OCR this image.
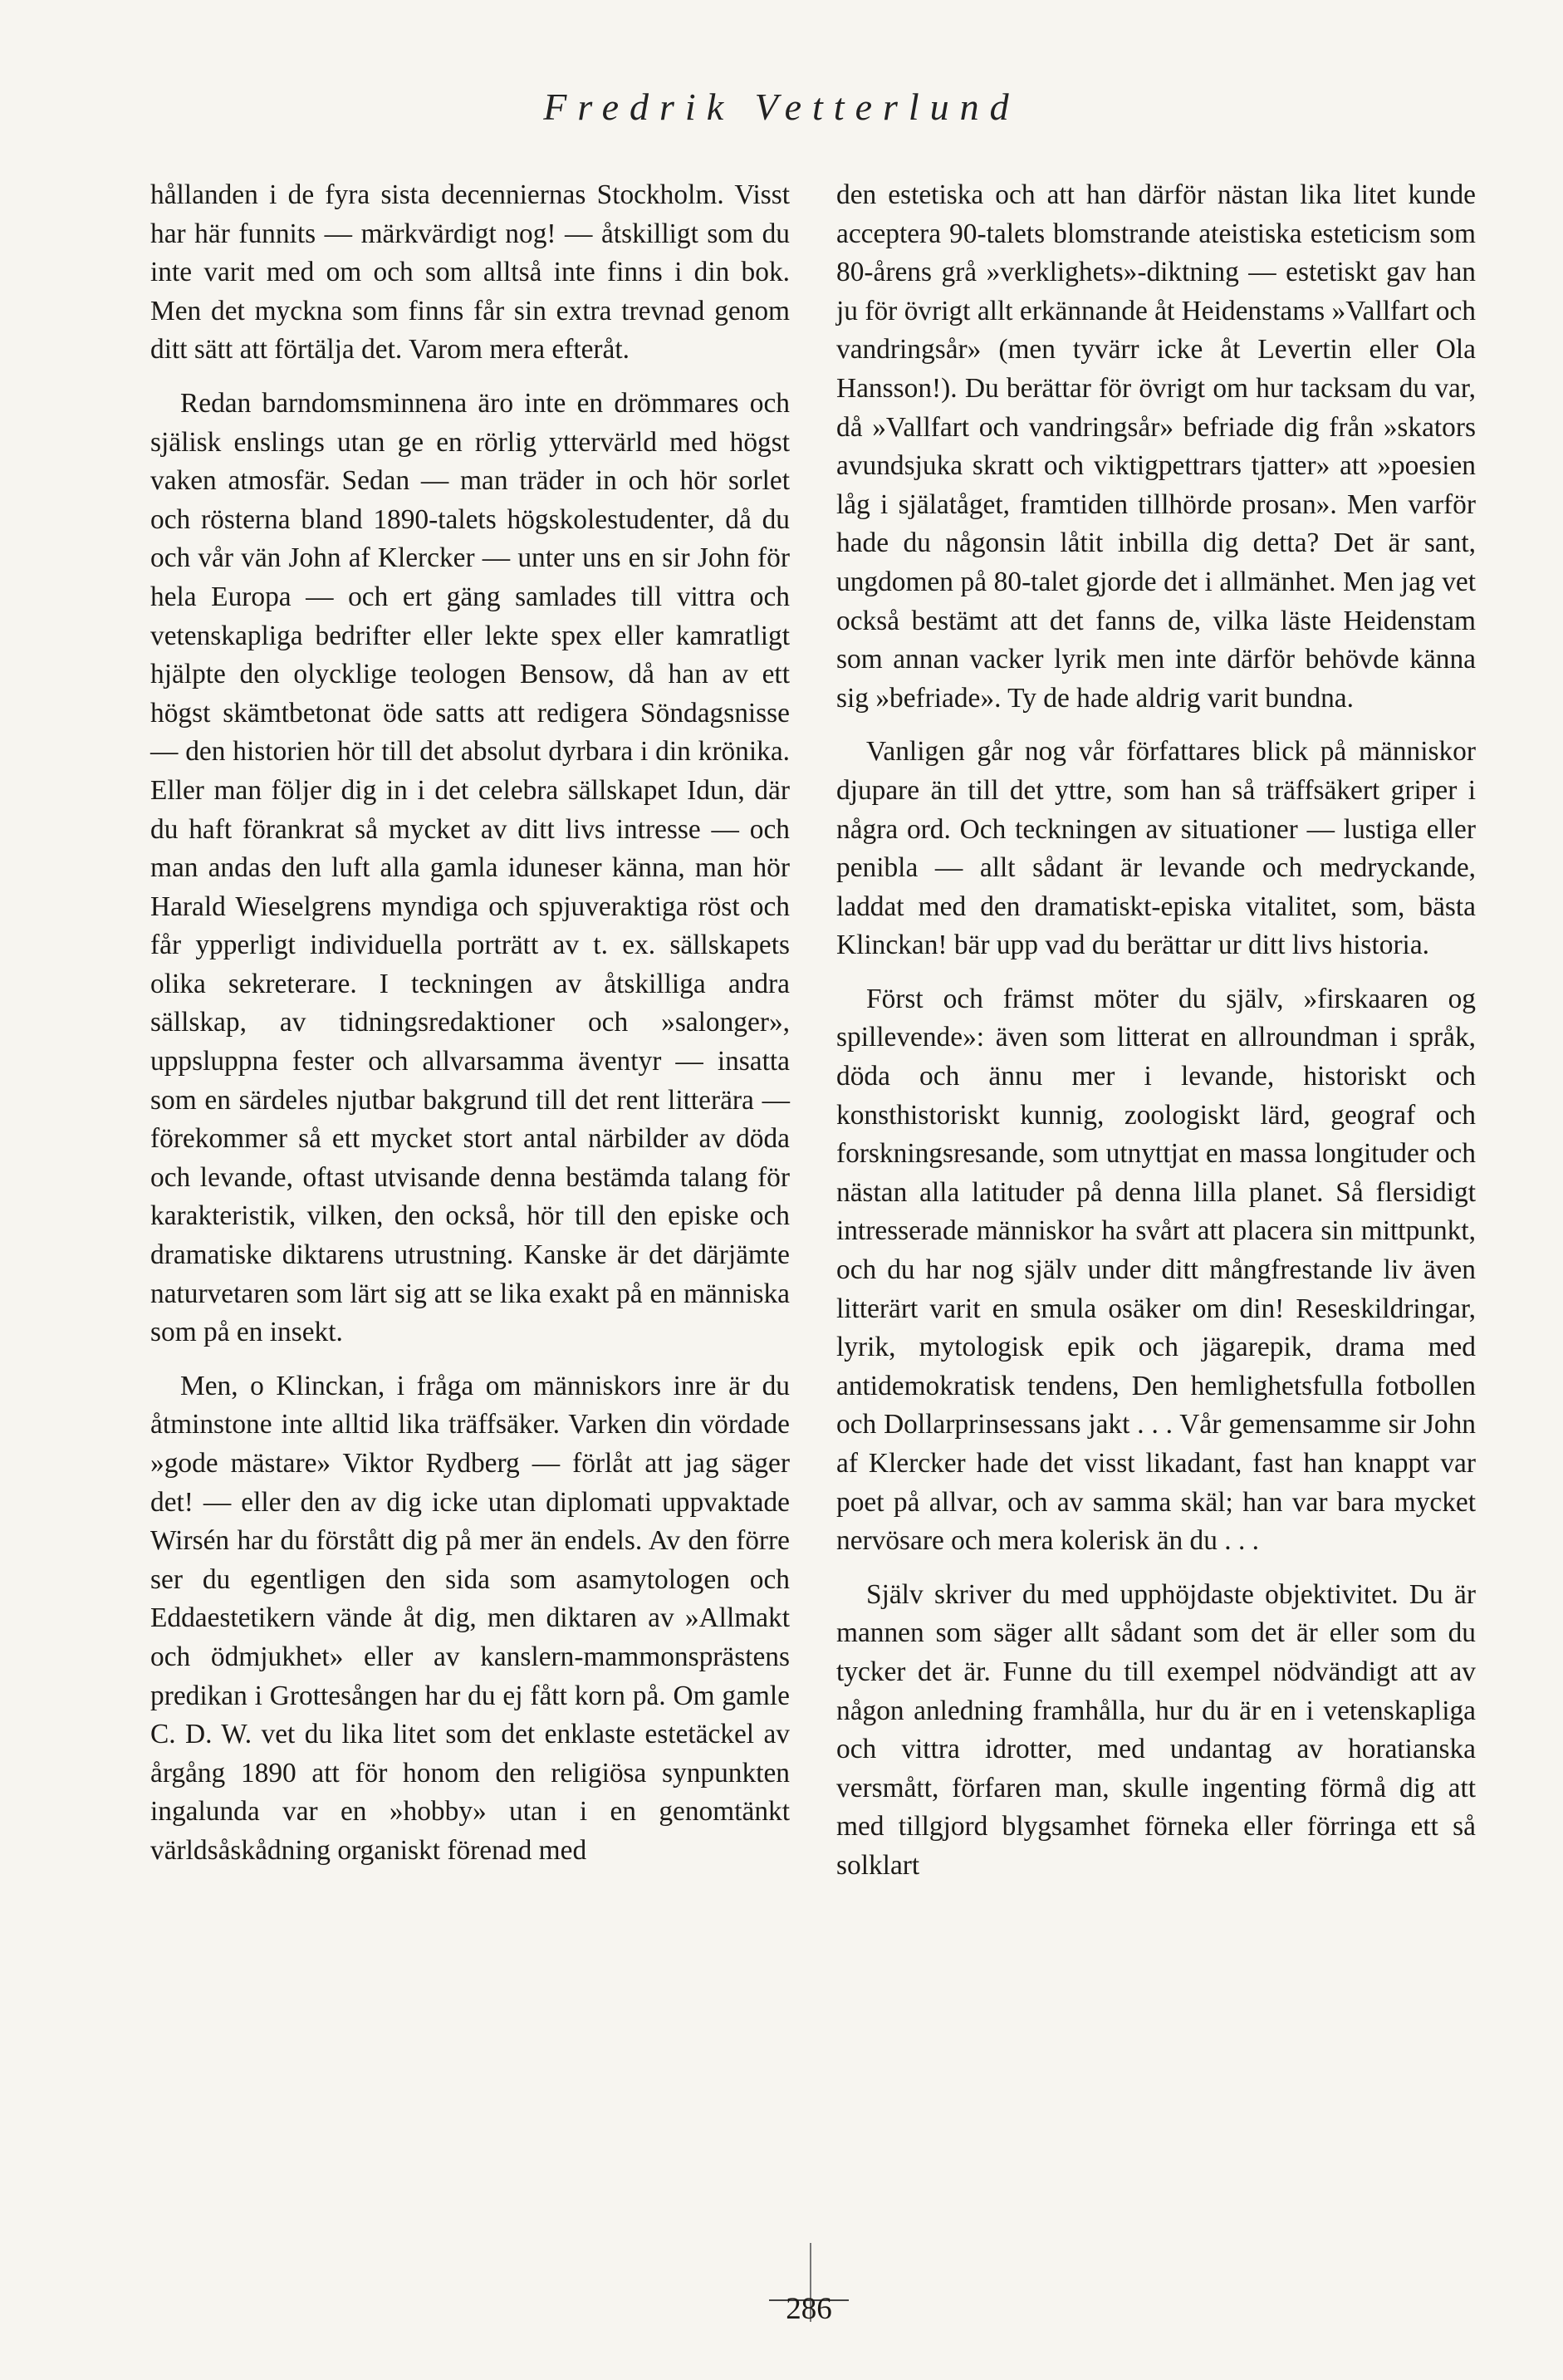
Fredrik Vetterlund

hållanden i de fyra sista decenniernas Stockholm. Visst har här funnits — märkvärdigt nog! — åtskilligt som du inte varit med om och som alltså inte finns i din bok. Men det myckna som finns får sin extra trevnad genom ditt sätt att förtälja det. Varom mera efteråt.

Redan barndomsminnena äro inte en drömmares och själisk enslings utan ge en rörlig yttervärld med högst vaken atmosfär. Sedan — man träder in och hör sorlet och rösterna bland 1890-talets högskolestudenter, då du och vår vän John af Klercker — unter uns en sir John för hela Europa — och ert gäng samlades till vittra och vetenskapliga bedrifter eller lekte spex eller kamratligt hjälpte den olycklige teologen Bensow, då han av ett högst skämtbetonat öde satts att redigera Söndagsnisse — den historien hör till det absolut dyrbara i din krönika. Eller man följer dig in i det celebra sällskapet Idun, där du haft förankrat så mycket av ditt livs intresse — och man andas den luft alla gamla iduneser känna, man hör Harald Wieselgrens myndiga och spjuveraktiga röst och får ypperligt individuella porträtt av t. ex. sällskapets olika sekreterare. I teckningen av åtskilliga andra sällskap, av tidningsredaktioner och »salonger», uppsluppna fester och allvarsamma äventyr — insatta som en särdeles njutbar bakgrund till det rent litterära — förekommer så ett mycket stort antal närbilder av döda och levande, oftast utvisande denna bestämda talang för karakteristik, vilken, den också, hör till den episke och dramatiske diktarens utrustning. Kanske är det därjämte naturvetaren som lärt sig att se lika exakt på en människa som på en insekt.

Men, o Klinckan, i fråga om människors inre är du åtminstone inte alltid lika träffsäker. Varken din vördade »gode mästare» Viktor Rydberg — förlåt att jag säger det! — eller den av dig icke utan diplomati uppvaktade Wirsén har du förstått dig på mer än endels. Av den förre ser du egentligen den sida som asamytologen och Eddaestetikern vände åt dig, men diktaren av »Allmakt och ödmjukhet» eller av kanslern-mammonsprästens predikan i Grottesången har du ej fått korn på. Om gamle C. D. W. vet du lika litet som det enklaste estetäckel av årgång 1890 att för honom den religiösa synpunkten ingalunda var en »hobby» utan i en genomtänkt världsåskådning organiskt förenad med

den estetiska och att han därför nästan lika litet kunde acceptera 90-talets blomstrande ateistiska esteticism som 80-årens grå »verklighets»-diktning — estetiskt gav han ju för övrigt allt erkännande åt Heidenstams »Vallfart och vandringsår» (men tyvärr icke åt Levertin eller Ola Hansson!). Du berättar för övrigt om hur tacksam du var, då »Vallfart och vandringsår» befriade dig från »skators avundsjuka skratt och viktigpettrars tjatter» att »poesien låg i själatåget, framtiden tillhörde prosan». Men varför hade du någonsin låtit inbilla dig detta? Det är sant, ungdomen på 80-talet gjorde det i allmänhet. Men jag vet också bestämt att det fanns de, vilka läste Heidenstam som annan vacker lyrik men inte därför behövde känna sig »befriade». Ty de hade aldrig varit bundna.

Vanligen går nog vår författares blick på människor djupare än till det yttre, som han så träffsäkert griper i några ord. Och teckningen av situationer — lustiga eller penibla — allt sådant är levande och medryckande, laddat med den dramatiskt-episka vitalitet, som, bästa Klinckan! bär upp vad du berättar ur ditt livs historia.

Först och främst möter du själv, »firskaaren og spillevende»: även som litterat en allroundman i språk, döda och ännu mer i levande, historiskt och konsthistoriskt kunnig, zoologiskt lärd, geograf och forskningsresande, som utnyttjat en massa longituder och nästan alla latituder på denna lilla planet. Så flersidigt intresserade människor ha svårt att placera sin mittpunkt, och du har nog själv under ditt mångfrestande liv även litterärt varit en smula osäker om din! Reseskildringar, lyrik, mytologisk epik och jägarepik, drama med antidemokratisk tendens, Den hemlighetsfulla fotbollen och Dollarprinsessans jakt . . . Vår gemensamme sir John af Klercker hade det visst likadant, fast han knappt var poet på allvar, och av samma skäl; han var bara mycket nervösare och mera kolerisk än du . . .

Själv skriver du med upphöjdaste objektivitet. Du är mannen som säger allt sådant som det är eller som du tycker det är. Funne du till exempel nödvändigt att av någon anledning framhålla, hur du är en i vetenskapliga och vittra idrotter, med undantag av horatianska versmått, förfaren man, skulle ingenting förmå dig att med tillgjord blygsamhet förneka eller förringa ett så solklart

286
